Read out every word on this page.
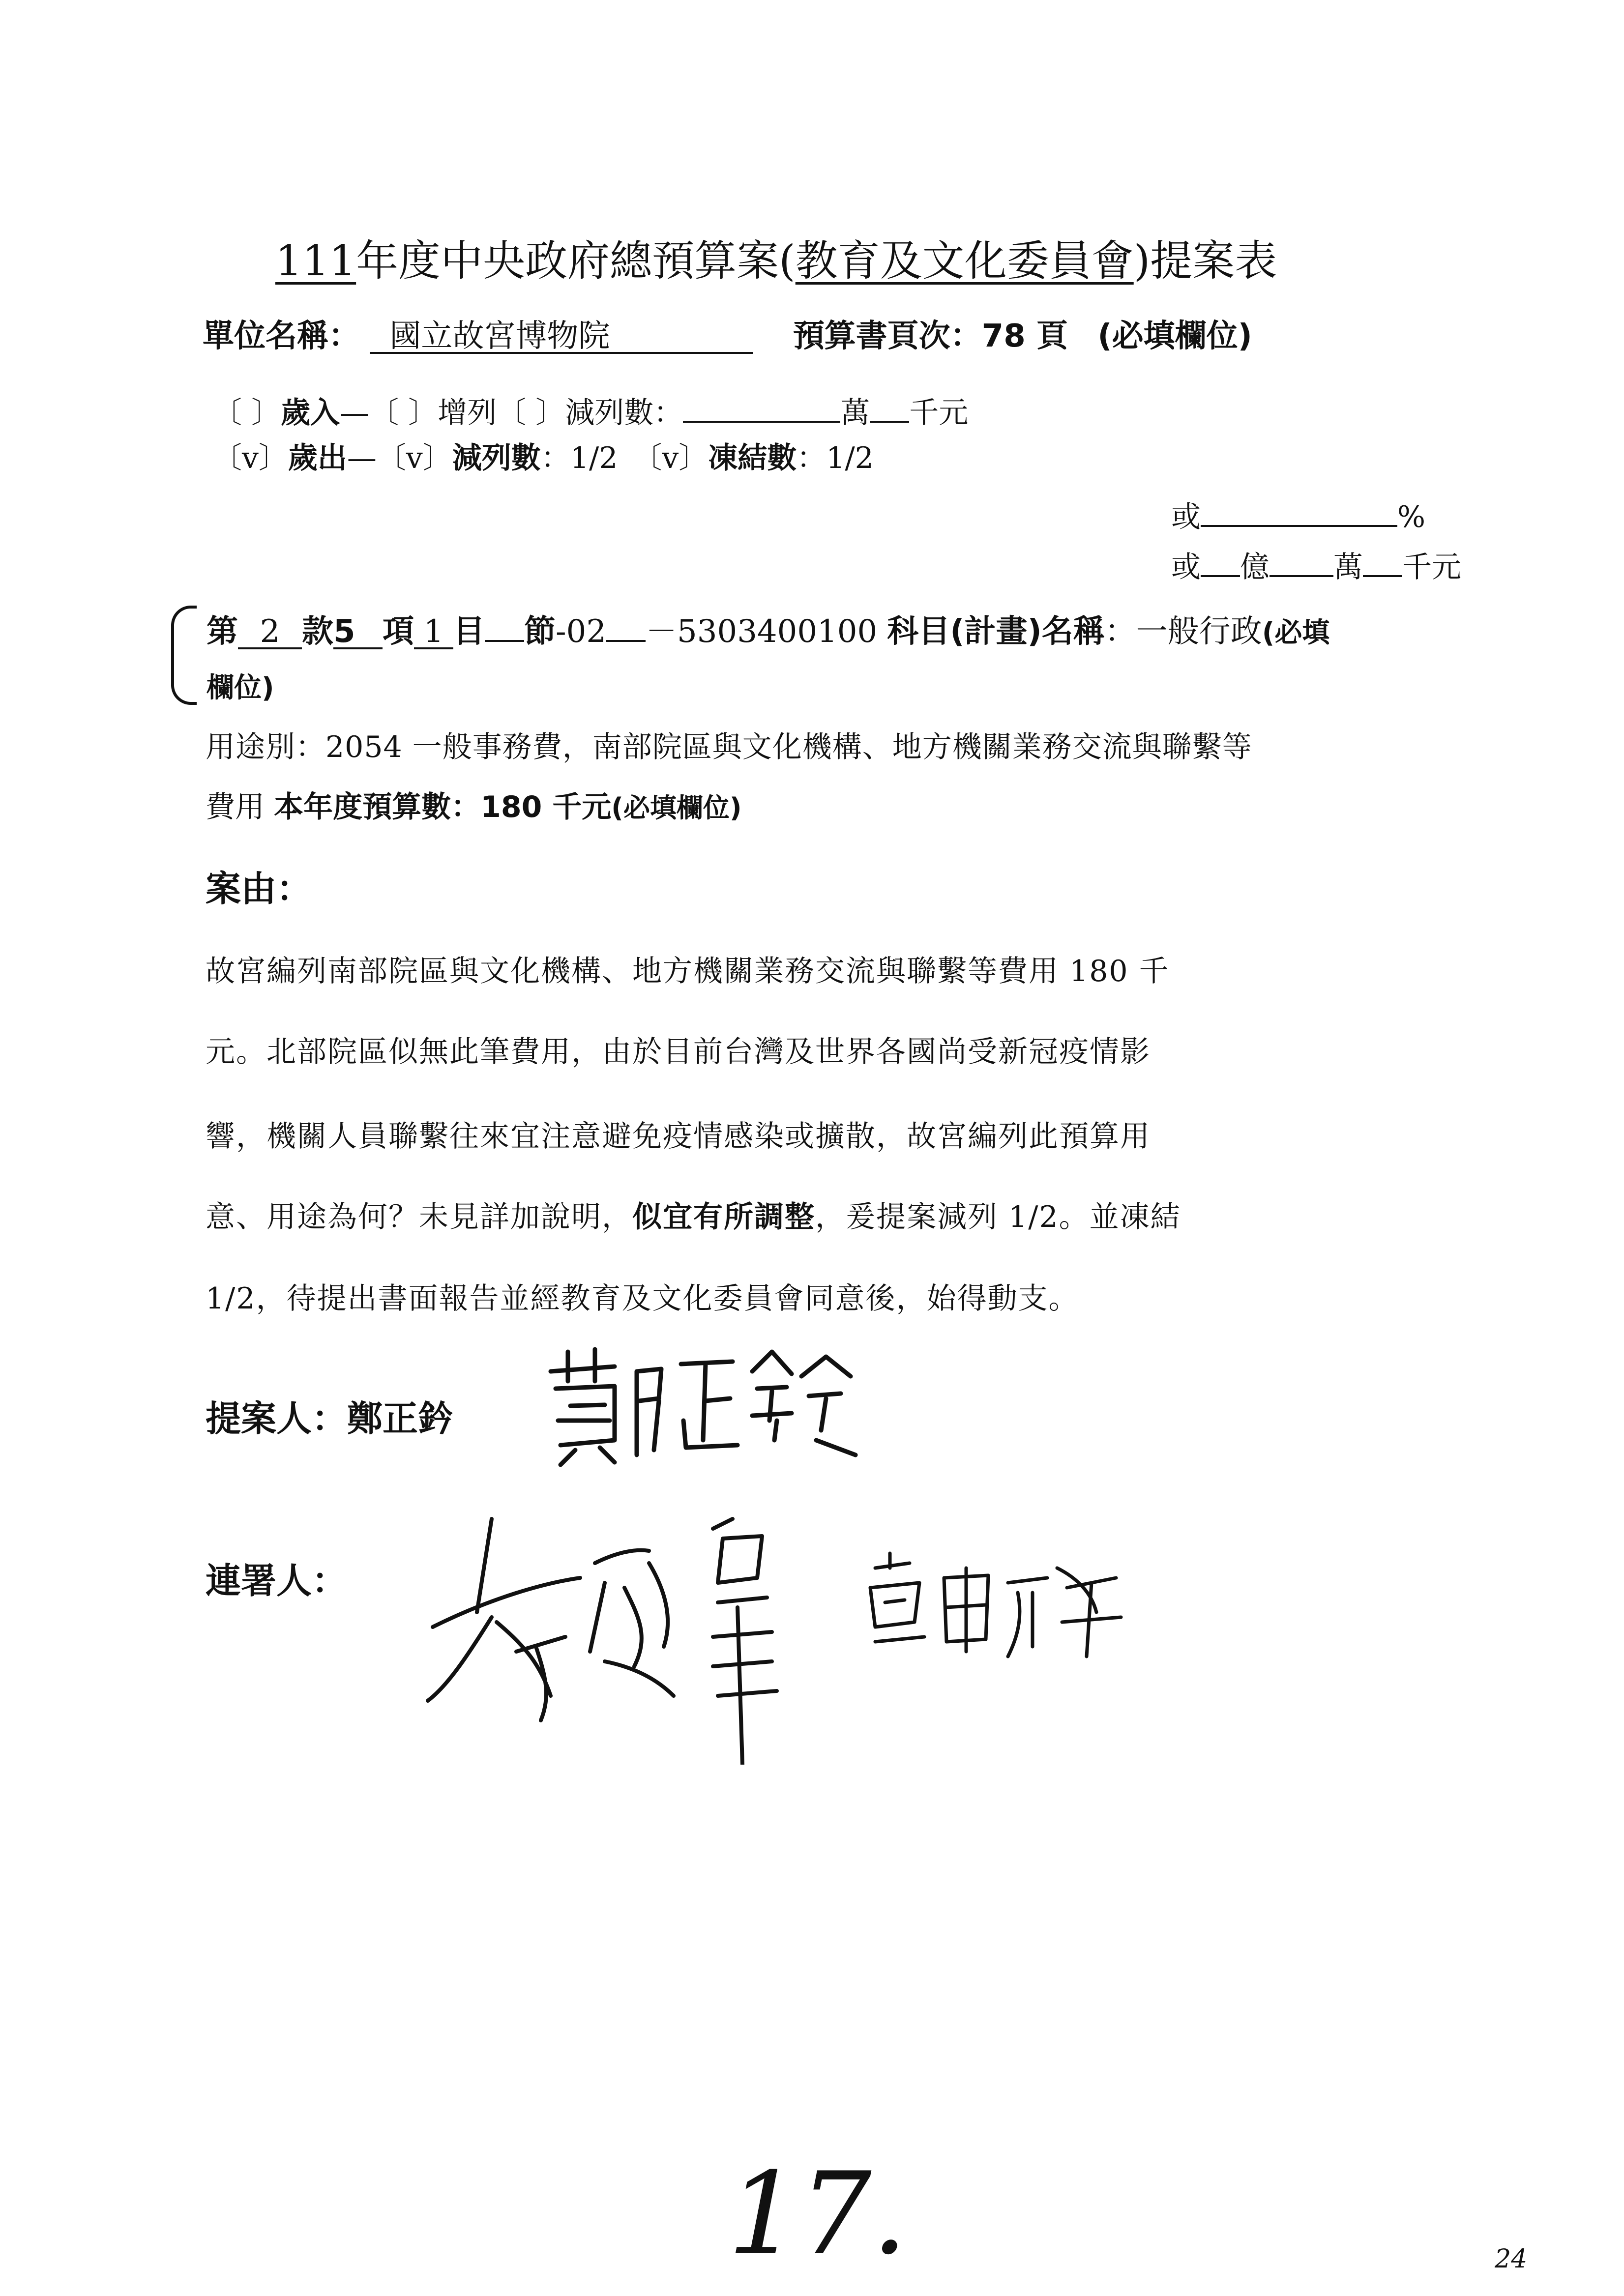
111年度中央政府總預算案(教育及文化委員會)提案表
單位名稱： 國立故宮博物院	預算書頁次：78 頁 (必填欄位)
〔 〕歲入—〔 〕增列〔 〕減列數：	萬 千元
〔v〕歲出—〔v〕減列數：1/2 〔v〕凍結數：1/2
或	%
或 億 萬 千元
第 2 款5 項 1 目 節-02 －5303400100 科目(計畫)名稱：一般行政(必填
欄位)
用途別：2054 一般事務費，南部院區與文化機構、地方機關業務交流與聯繫等
費用 本年度預算數：180 千元(必填欄位)
案由：
故宮編列南部院區與文化機構、地方機關業務交流與聯繫等費用 180 千
元。北部院區似無此筆費用，由於目前台灣及世界各國尚受新冠疫情影
響，機關人員聯繫往來宜注意避免疫情感染或擴散，故宮編列此預算用
意、用途為何？未見詳加說明，似宜有所調整，爰提案減列 1/2。並凍結
1/2，待提出書面報告並經教育及文化委員會同意後，始得動支。
提案人：鄭正鈐
連署人：
17.	24
